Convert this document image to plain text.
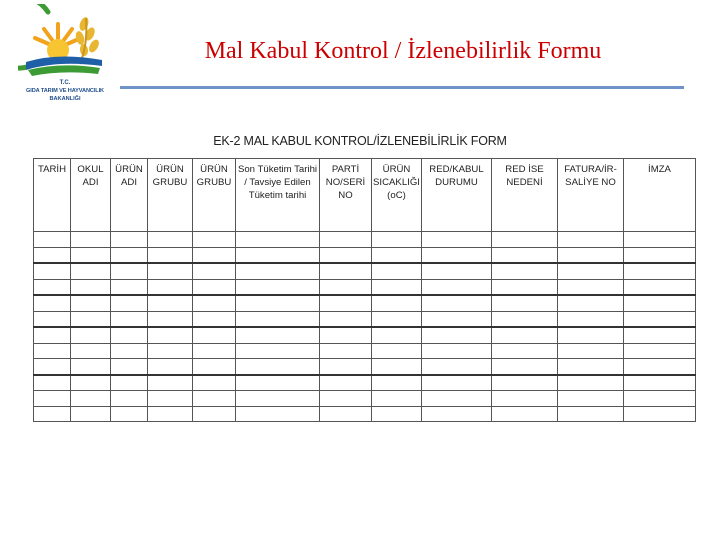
T.C.
GIDA TARIM VE HAYVANCILIK
BAKANLIĞI
Mal Kabul Kontrol / İzlenebilirlik Formu
EK-2 MAL KABUL KONTROL/İZLENEBİLİRLİK FORM
TARİH	OKUL ADI	ÜRÜN ADI	ÜRÜN GRUBU	ÜRÜN GRUBU	Son Tüketim Tarihi / Tavsiye Edilen Tüketim tarihi	PARTİ NO/SERİ NO	ÜRÜN SICAKLIĞI (oC)	RED/KABUL DURUMU	RED İSE NEDENİ	FATURA/İR-SALİYE NO	İMZA
